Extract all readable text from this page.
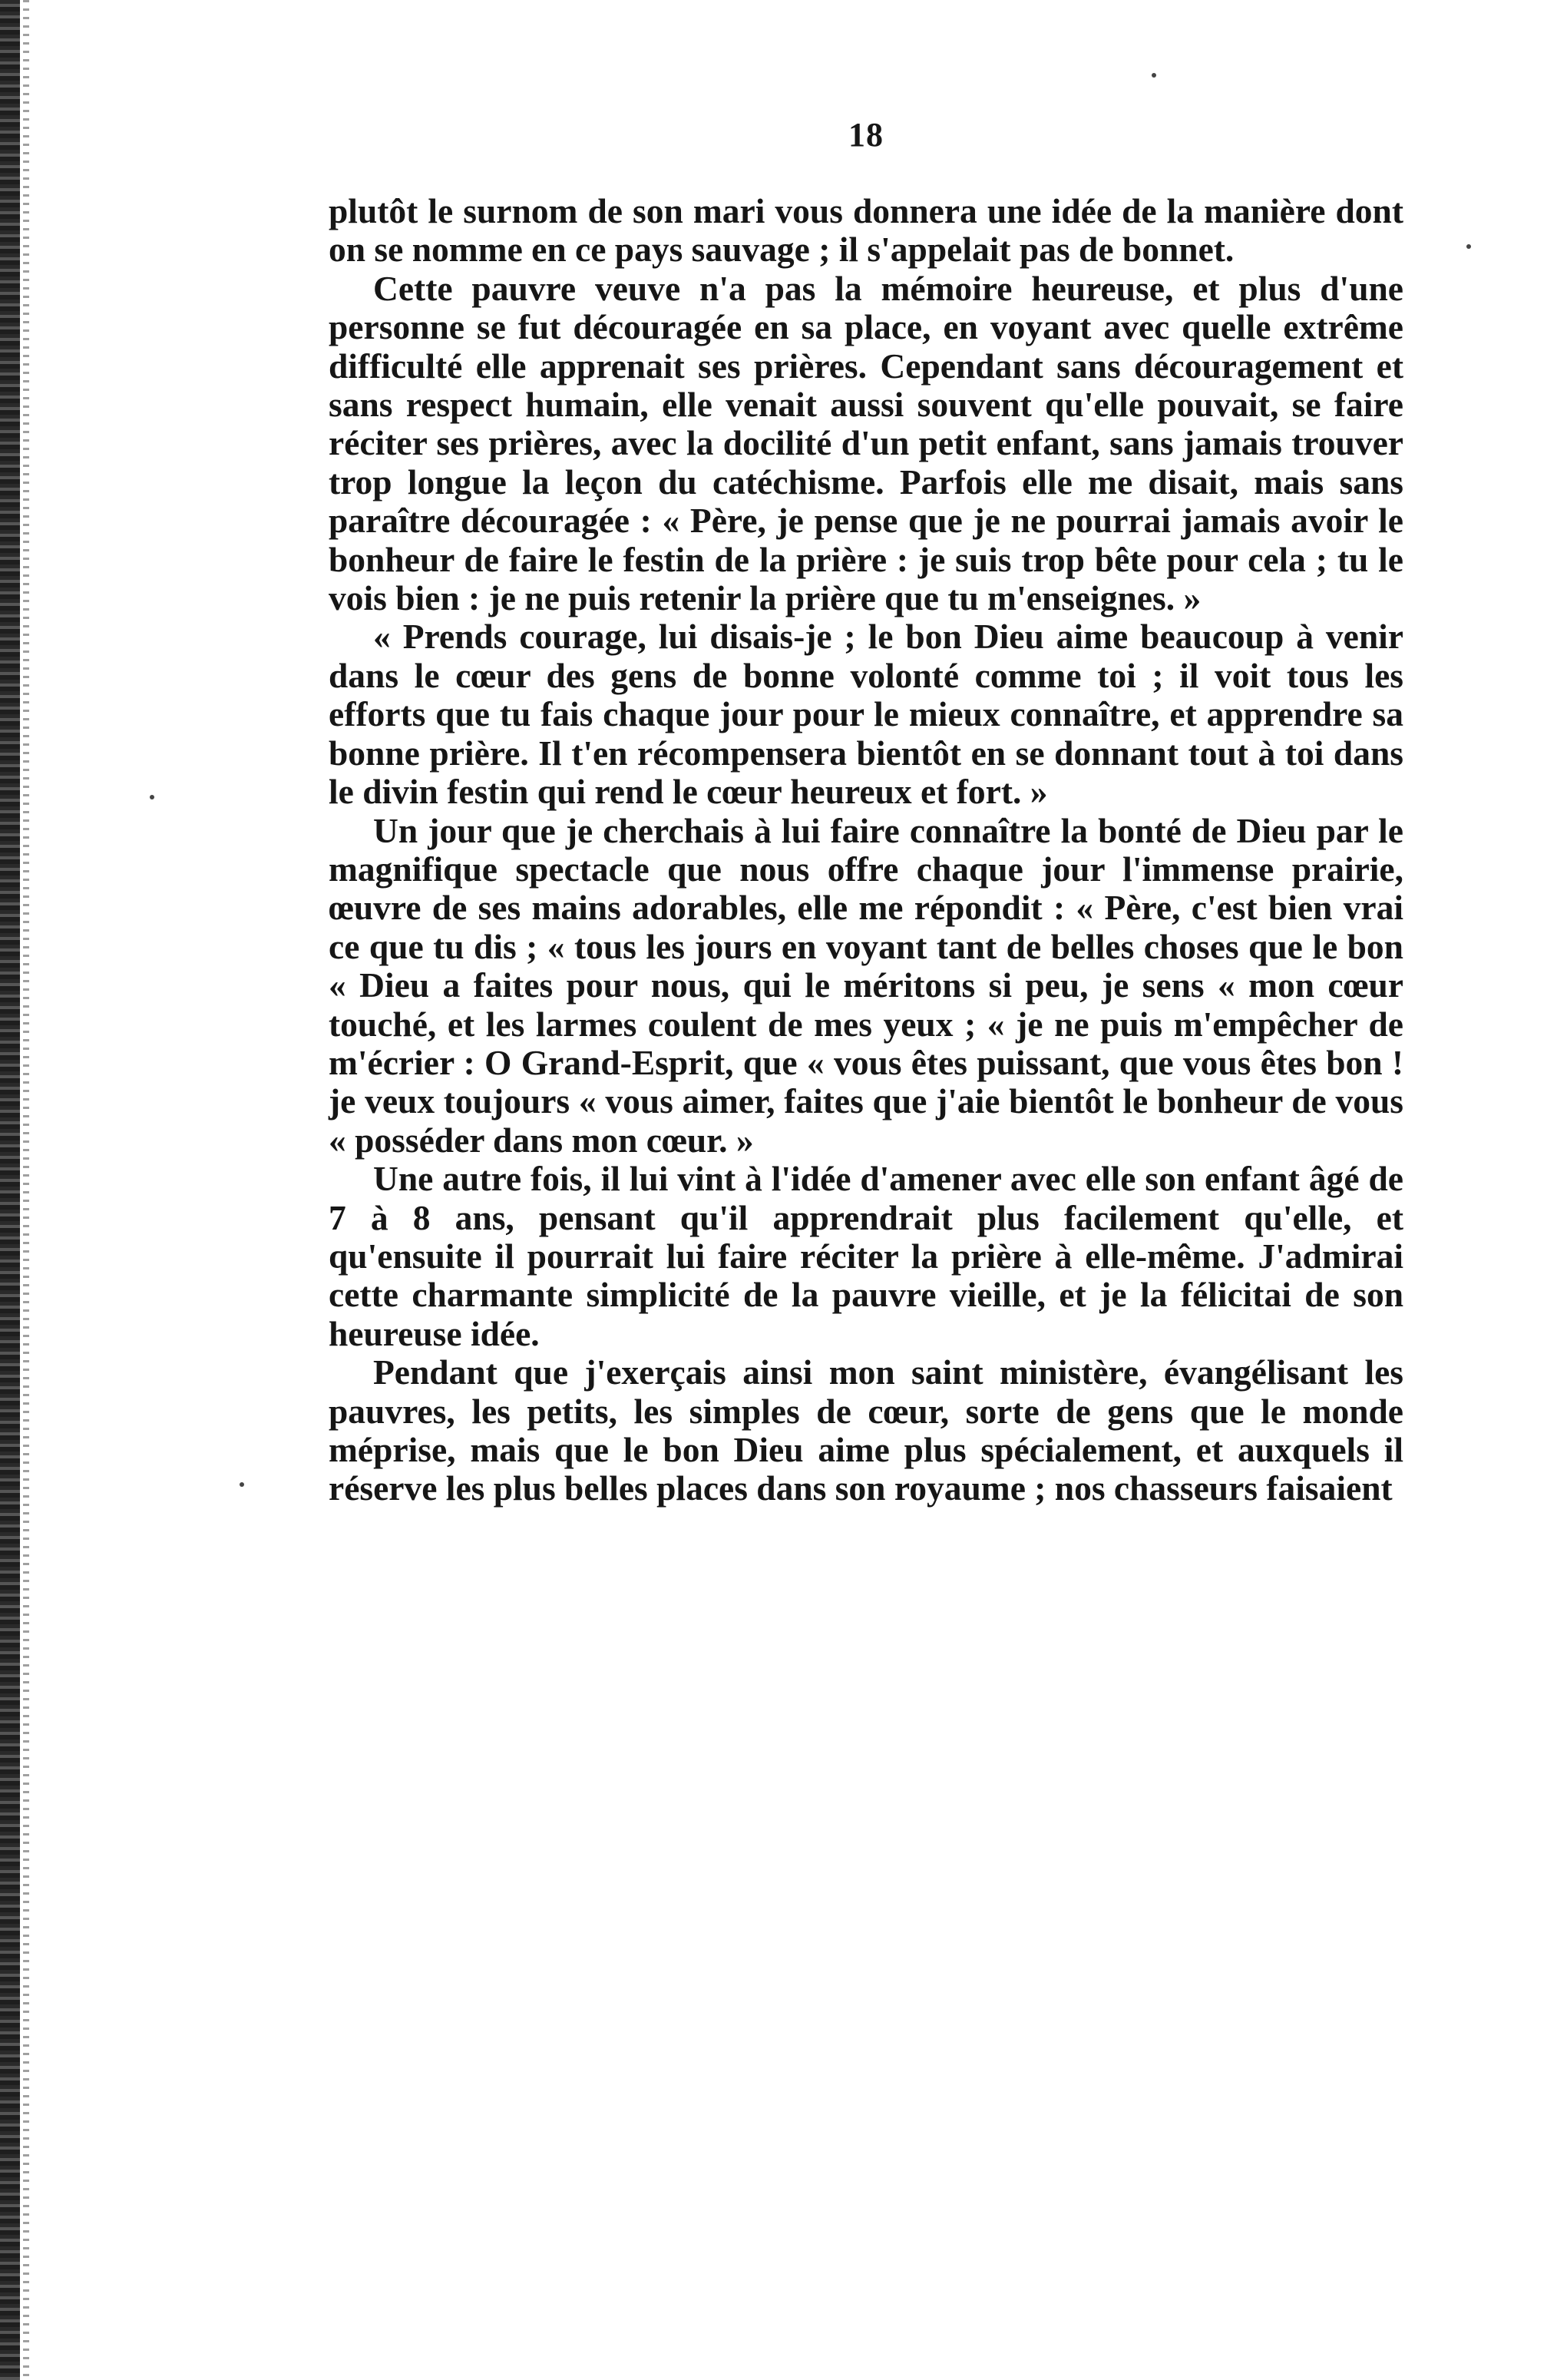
18

plutôt le surnom de son mari vous donnera une idée de la manière dont on se nomme en ce pays sauvage ; il s'appelait pas de bonnet.

Cette pauvre veuve n'a pas la mémoire heureuse, et plus d'une personne se fut découragée en sa place, en voyant avec quelle extrême difficulté elle apprenait ses prières. Cependant sans découragement et sans respect humain, elle venait aussi souvent qu'elle pouvait, se faire réciter ses prières, avec la docilité d'un petit enfant, sans jamais trouver trop longue la leçon du catéchisme. Parfois elle me disait, mais sans paraître découragée : « Père, je pense que je ne pourrai jamais avoir le bonheur de faire le festin de la prière : je suis trop bête pour cela ; tu le vois bien : je ne puis retenir la prière que tu m'enseignes. »

« Prends courage, lui disais-je ; le bon Dieu aime beaucoup à venir dans le cœur des gens de bonne volonté comme toi ; il voit tous les efforts que tu fais chaque jour pour le mieux connaître, et apprendre sa bonne prière. Il t'en récompensera bientôt en se donnant tout à toi dans le divin festin qui rend le cœur heureux et fort. »

Un jour que je cherchais à lui faire connaître la bonté de Dieu par le magnifique spectacle que nous offre chaque jour l'immense prairie, œuvre de ses mains adorables, elle me répondit : « Père, c'est bien vrai ce que tu dis ; « tous les jours en voyant tant de belles choses que le bon « Dieu a faites pour nous, qui le méritons si peu, je sens « mon cœur touché, et les larmes coulent de mes yeux ; « je ne puis m'empêcher de m'écrier : O Grand-Esprit, que « vous êtes puissant, que vous êtes bon ! je veux toujours « vous aimer, faites que j'aie bientôt le bonheur de vous « posséder dans mon cœur. »

Une autre fois, il lui vint à l'idée d'amener avec elle son enfant âgé de 7 à 8 ans, pensant qu'il apprendrait plus facilement qu'elle, et qu'ensuite il pourrait lui faire réciter la prière à elle-même. J'admirai cette charmante simplicité de la pauvre vieille, et je la félicitai de son heureuse idée.

Pendant que j'exerçais ainsi mon saint ministère, évangélisant les pauvres, les petits, les simples de cœur, sorte de gens que le monde méprise, mais que le bon Dieu aime plus spécialement, et auxquels il réserve les plus belles places dans son royaume ; nos chasseurs faisaient
